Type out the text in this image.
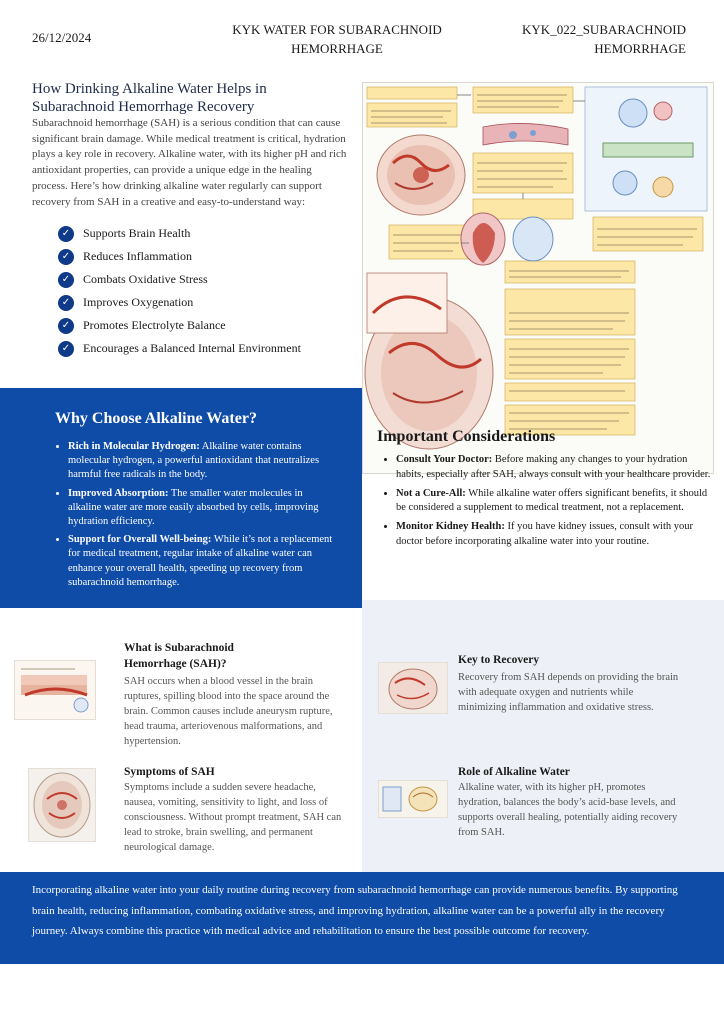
26/12/2024
KYK WATER FOR SUBARACHNOID HEMORRHAGE
KYK_022_SUBARACHNOID HEMORRHAGE
How Drinking Alkaline Water Helps in Subarachnoid Hemorrhage Recovery
Subarachnoid hemorrhage (SAH) is a serious condition that can cause significant brain damage. While medical treatment is critical, hydration plays a key role in recovery. Alkaline water, with its higher pH and rich antioxidant properties, can provide a unique edge in the healing process. Here’s how drinking alkaline water regularly can support recovery from SAH in a creative and easy-to-understand way:
✓	Supports Brain Health
✓	Reduces Inflammation
✓	Combats Oxidative Stress
✓	Improves Oxygenation
✓	Promotes Electrolyte Balance
✓	Encourages a Balanced Internal Environment
Why Choose Alkaline Water?
• Rich in Molecular Hydrogen: Alkaline water contains molecular hydrogen, a powerful antioxidant that neutralizes harmful free radicals in the body.
• Improved Absorption: The smaller water molecules in alkaline water are more easily absorbed by cells, improving hydration efficiency.
• Support for Overall Well-being: While it’s not a replacement for medical treatment, regular intake of alkaline water can enhance your overall health, speeding up recovery from subarachnoid hemorrhage.
Important Considerations
• Consult Your Doctor: Before making any changes to your hydration habits, especially after SAH, always consult with your healthcare provider.
• Not a Cure-All: While alkaline water offers significant benefits, it should be considered a supplement to medical treatment, not a replacement.
• Monitor Kidney Health: If you have kidney issues, consult with your doctor before incorporating alkaline water into your routine.
What is Subarachnoid Hemorrhage (SAH)?
SAH occurs when a blood vessel in the brain ruptures, spilling blood into the space around the brain. Common causes include aneurysm rupture, head trauma, arteriovenous malformations, and hypertension.
Symptoms of SAH
Symptoms include a sudden severe headache, nausea, vomiting, sensitivity to light, and loss of consciousness. Without prompt treatment, SAH can lead to stroke, brain swelling, and permanent neurological damage.
Key to Recovery
Recovery from SAH depends on providing the brain with adequate oxygen and nutrients while minimizing inflammation and oxidative stress.
Role of Alkaline Water
Alkaline water, with its higher pH, promotes hydration, balances the body’s acid-base levels, and supports overall healing, potentially aiding recovery from SAH.

Incorporating alkaline water into your daily routine during recovery from subarachnoid hemorrhage can provide numerous benefits. By supporting brain health, reducing inflammation, combating oxidative stress, and improving hydration, alkaline water can be a powerful ally in the recovery journey. Always combine this practice with medical advice and rehabilitation to ensure the best possible outcome for recovery.
